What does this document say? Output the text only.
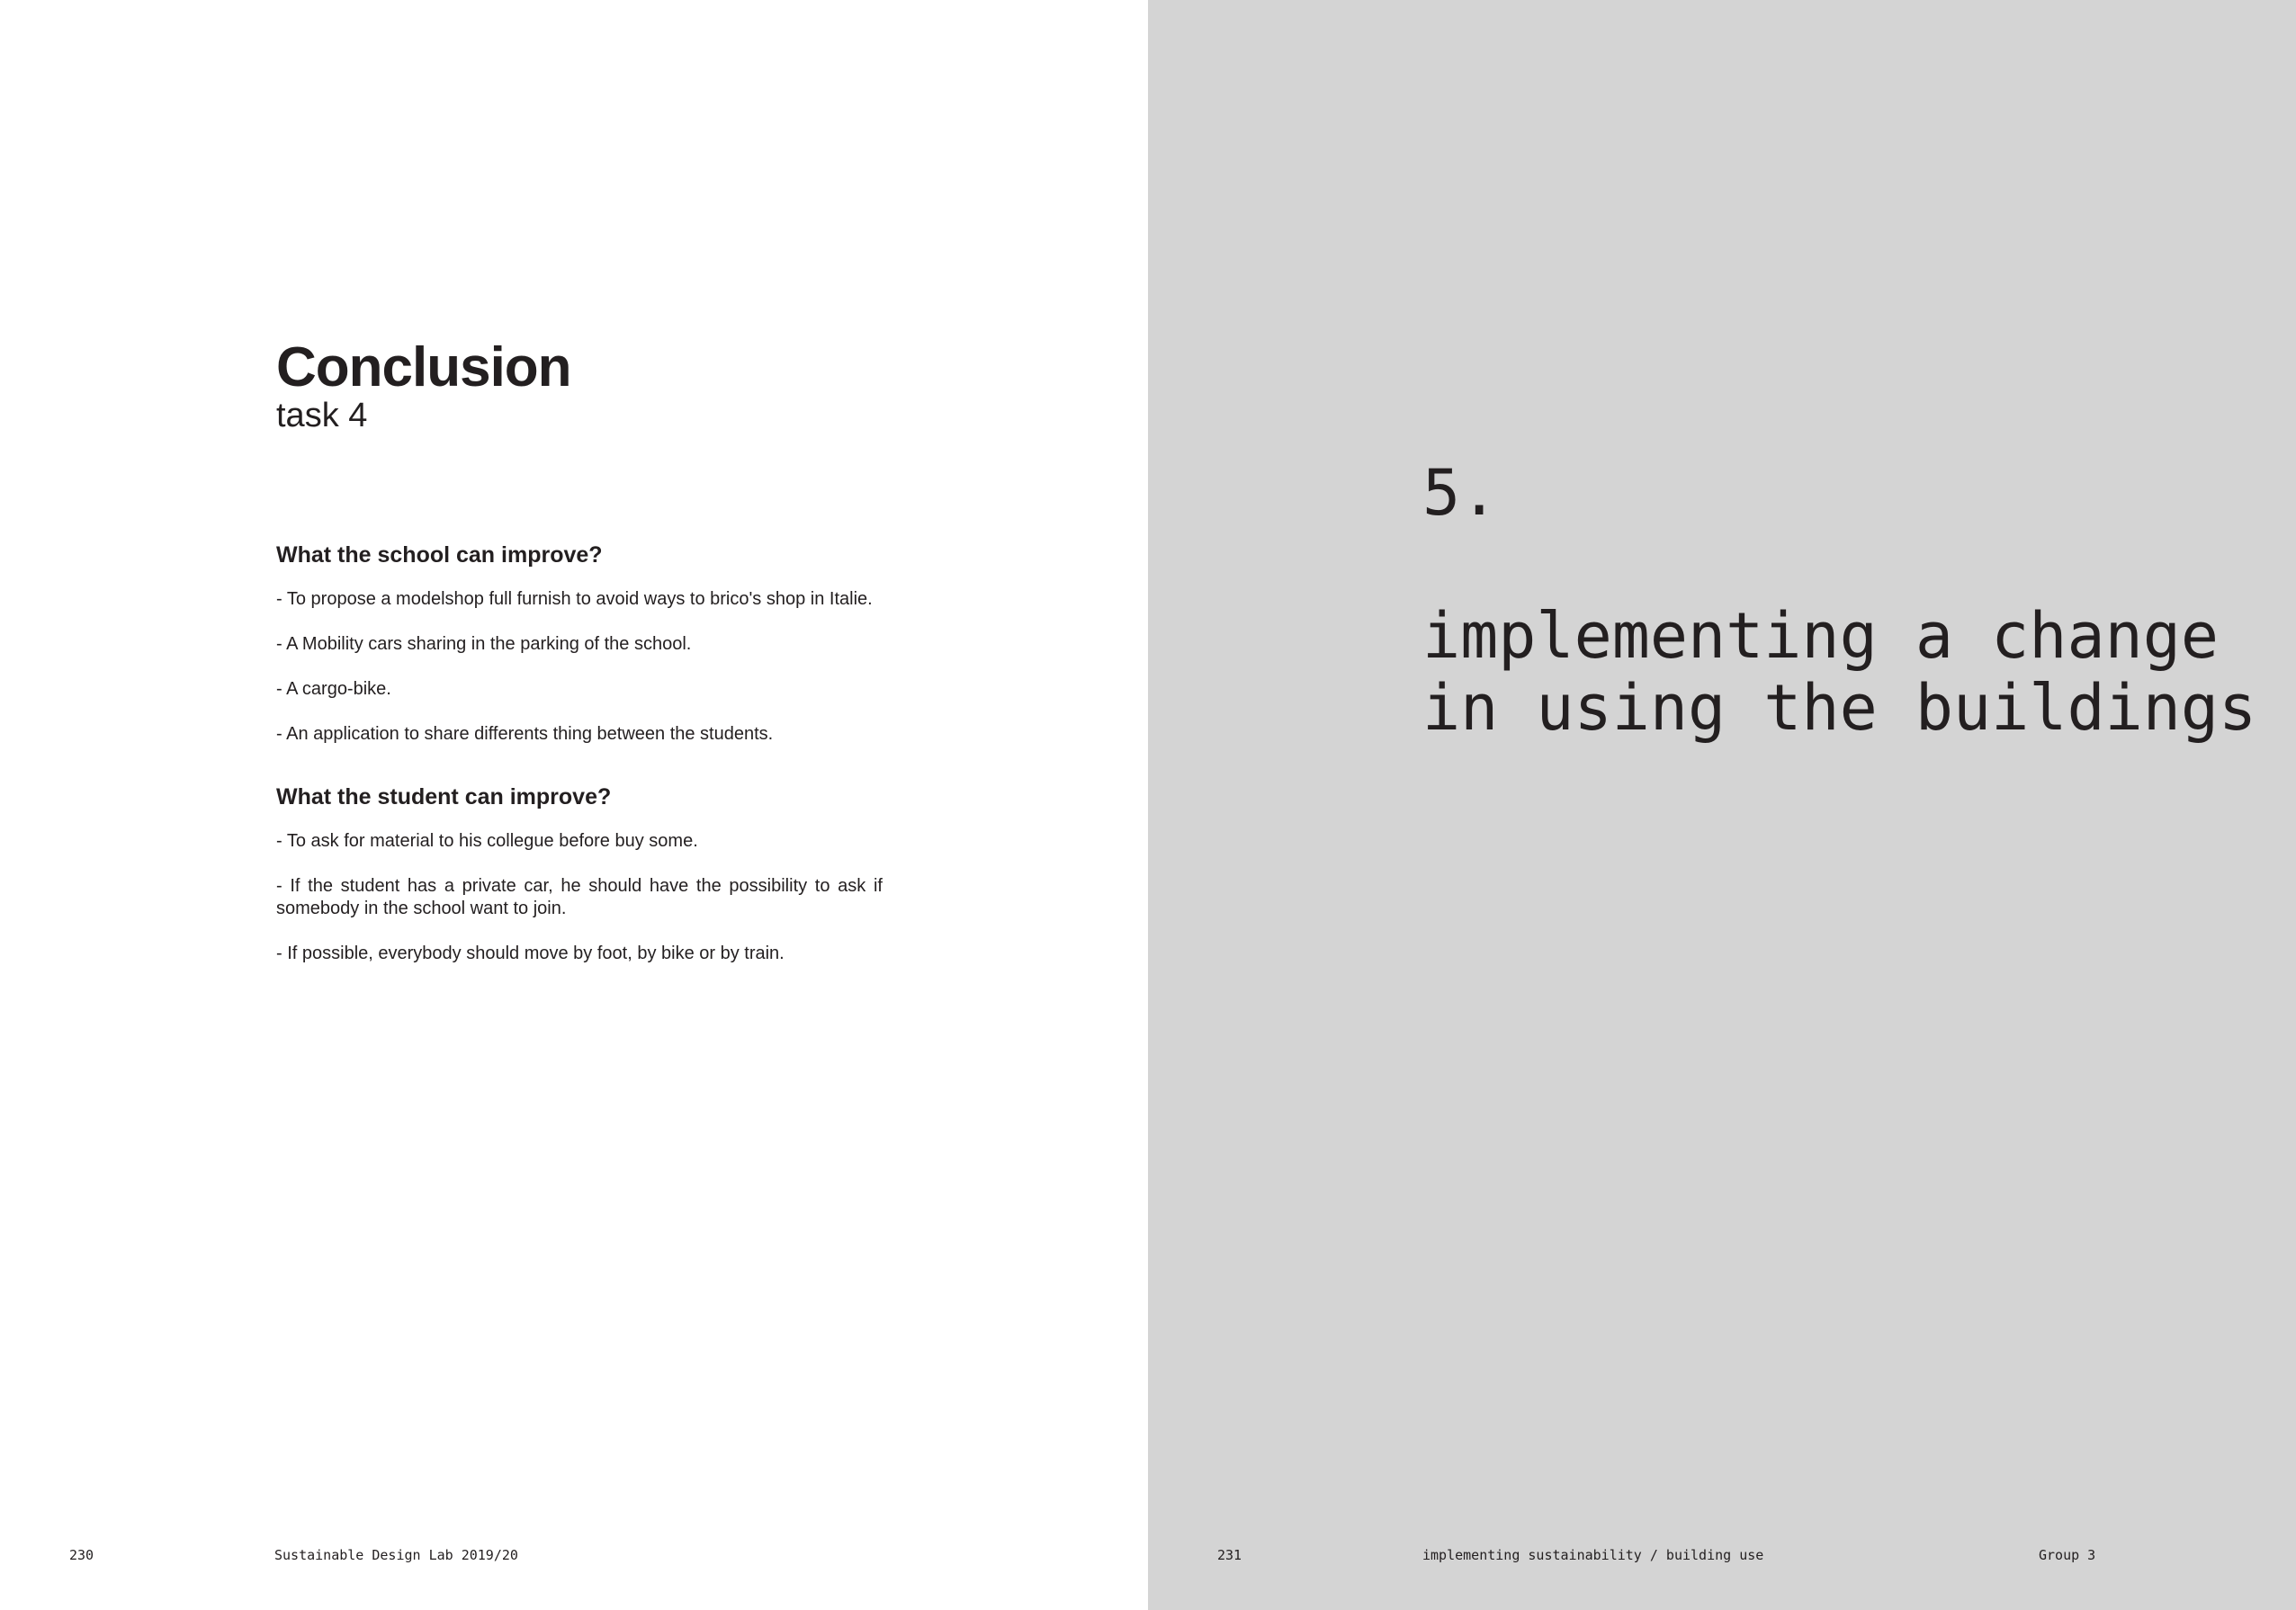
Conclusion
task 4
What the school can improve?
- To propose a modelshop full furnish to avoid ways to brico's shop in Italie.
- A Mobility cars sharing in the parking of the school.
- A cargo-bike.
- An application to share differents thing between the students.
What the student can improve?
- To ask for material to his collegue before buy some.
- If the student has a private car, he should have the possibility to ask if somebody in the school want to join.
- If possible, everybody should move by foot, by bike or by train.

230	Sustainable Design Lab 2019/20

5.

implementing a change
in using the buildings

231	implementing sustainability / building use	Group 3
